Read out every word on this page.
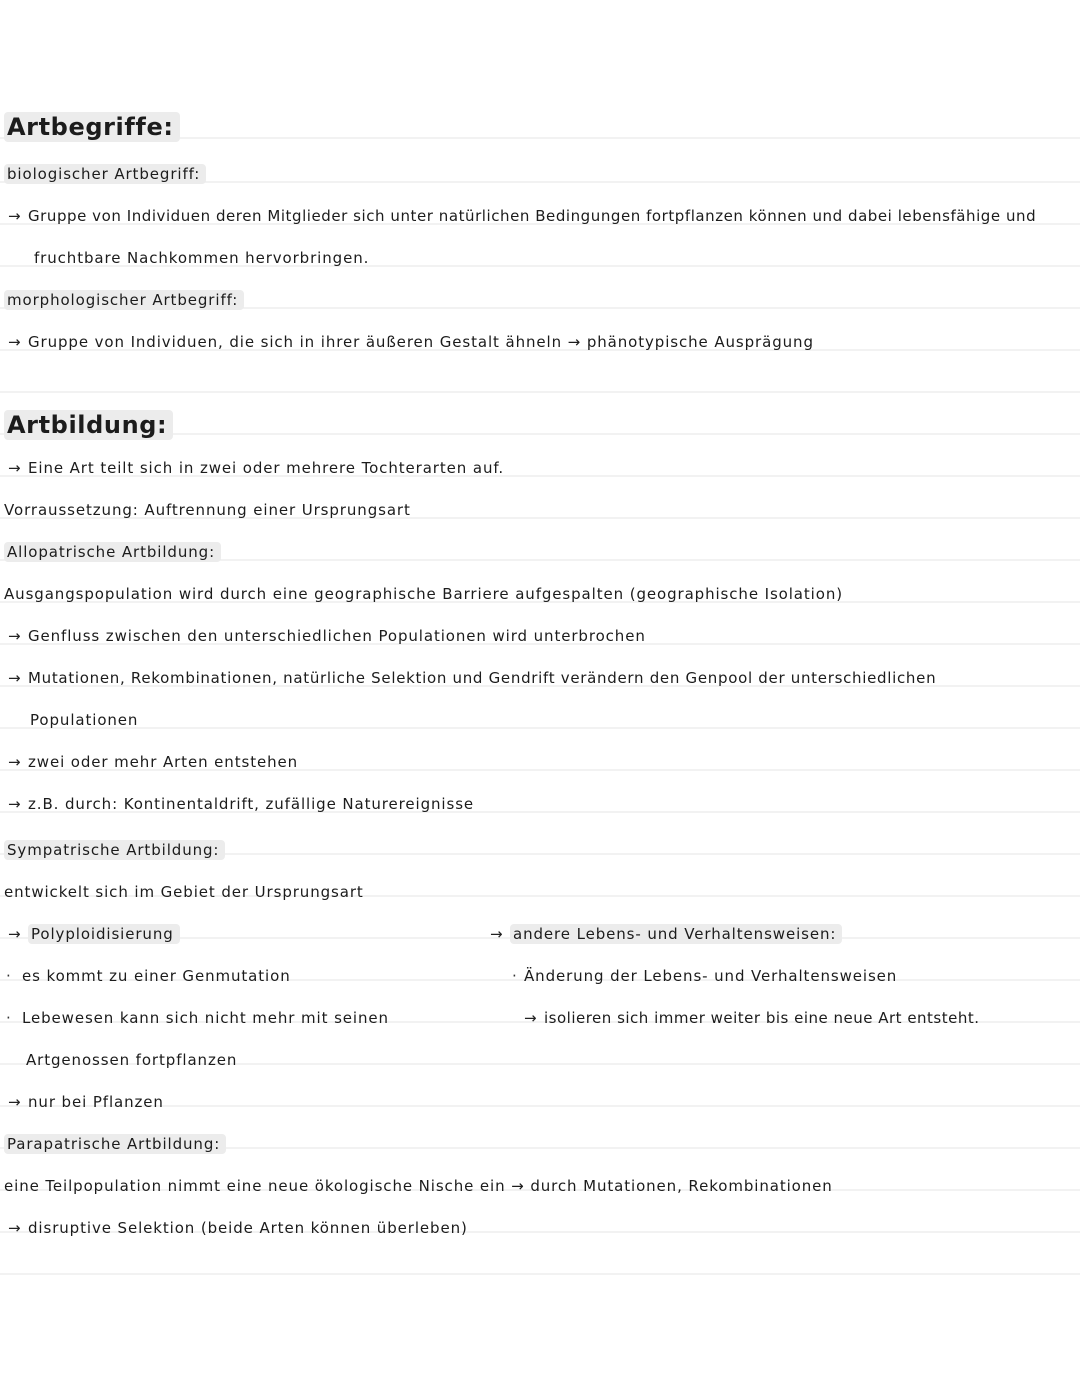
Artbegriffe:
biologischer Artbegriff:
→ Gruppe von Individuen deren Mitglieder sich unter natürlichen Bedingungen fortpflanzen können und dabei lebensfähige und
fruchtbare Nachkommen hervorbringen.
morphologischer Artbegriff:
→ Gruppe von Individuen, die sich in ihrer äußeren Gestalt ähneln → phänotypische Ausprägung
Artbildung:
→ Eine Art teilt sich in zwei oder mehrere Tochterarten auf.
Vorraussetzung: Auftrennung einer Ursprungsart
Allopatrische Artbildung:
Ausgangspopulation wird durch eine geographische Barriere aufgespalten (geographische Isolation)
→ Genfluss zwischen den unterschiedlichen Populationen wird unterbrochen
→ Mutationen, Rekombinationen, natürliche Selektion und Gendrift verändern den Genpool der unterschiedlichen
Populationen
→ zwei oder mehr Arten entstehen
→ z.B. durch: Kontinentaldrift, zufällige Naturereignisse
Sympatrische Artbildung:
entwickelt sich im Gebiet der Ursprungsart
→ Polyploidisierung
· es kommt zu einer Genmutation
· Lebewesen kann sich nicht mehr mit seinen
Artgenossen fortpflanzen
→ nur bei Pflanzen
→ andere Lebens- und Verhaltensweisen:
· Änderung der Lebens- und Verhaltensweisen
→ isolieren sich immer weiter bis eine neue Art entsteht.
Parapatrische Artbildung:
eine Teilpopulation nimmt eine neue ökologische Nische ein → durch Mutationen, Rekombinationen
→ disruptive Selektion (beide Arten können überleben)
